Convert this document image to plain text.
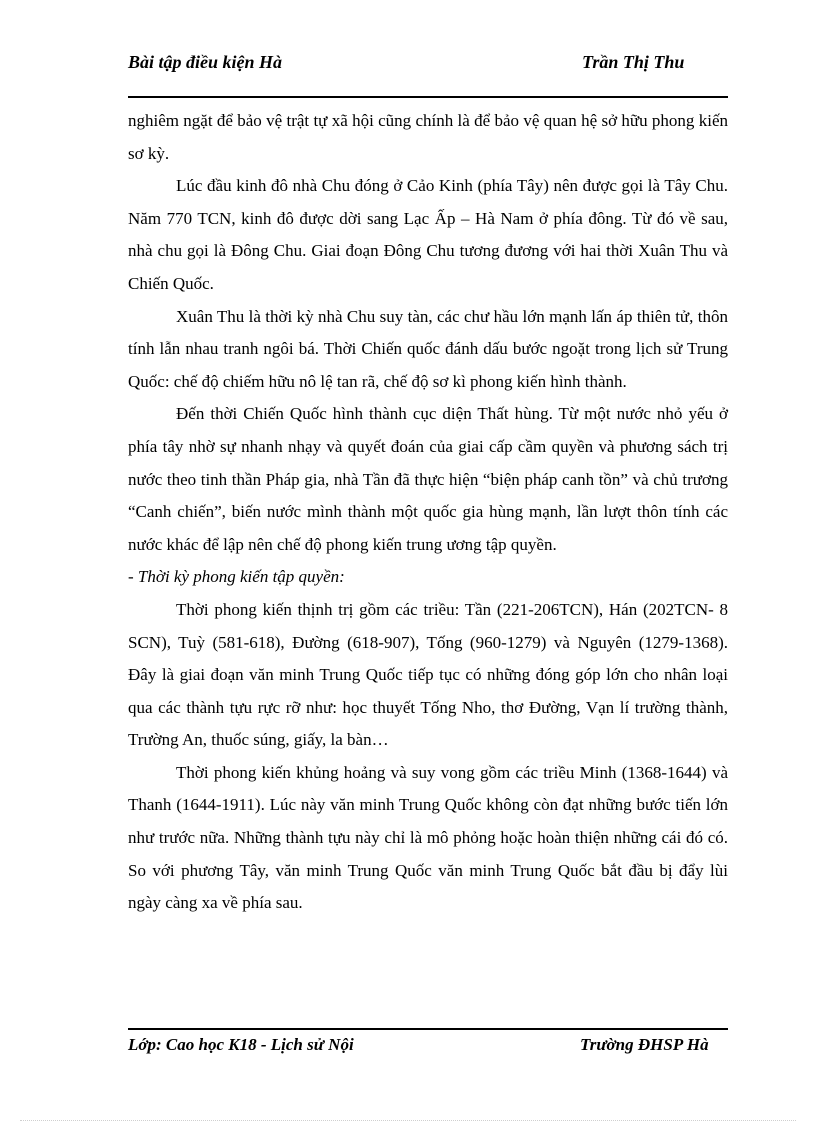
Bài tập điều kiện Hà	Trần Thị Thu

nghiêm ngặt để bảo vệ trật tự xã hội cũng chính là để bảo vệ quan hệ sở hữu phong kiến sơ kỳ.

Lúc đầu kinh đô nhà Chu đóng ở Cảo Kinh (phía Tây) nên được gọi là Tây Chu. Năm 770 TCN, kinh đô được dời sang Lạc Ấp – Hà Nam ở phía đông. Từ đó về sau, nhà chu gọi là Đông Chu. Giai đoạn Đông Chu tương đương với hai thời Xuân Thu và Chiến Quốc.

Xuân Thu là thời kỳ nhà Chu suy tàn, các chư hầu lớn mạnh lấn áp thiên tử, thôn tính lẫn nhau tranh ngôi bá. Thời Chiến quốc đánh dấu bước ngoặt trong lịch sử Trung Quốc: chế độ chiếm hữu nô lệ tan rã, chế độ sơ kì phong kiến hình thành.

Đến thời Chiến Quốc hình thành cục diện Thất hùng. Từ một nước nhỏ yếu ở phía tây nhờ sự nhanh nhạy và quyết đoán của giai cấp cầm quyền và phương sách trị nước theo tinh thần Pháp gia, nhà Tần đã thực hiện “biện pháp canh tồn” và chủ trương “Canh chiến”, biến nước mình thành một quốc gia hùng mạnh, lần lượt thôn tính các nước khác để lập nên chế độ phong kiến trung ương tập quyền.

- Thời kỳ phong kiến tập quyền:

Thời phong kiến thịnh trị gồm các triều: Tần (221-206TCN), Hán (202TCN- 8 SCN), Tuỳ (581-618), Đường (618-907), Tống (960-1279) và Nguyên (1279-1368). Đây là giai đoạn văn minh Trung Quốc tiếp tục có những đóng góp lớn cho nhân loại qua các thành tựu rực rỡ như: học thuyết Tống Nho, thơ Đường, Vạn lí trường thành, Trường An, thuốc súng, giấy, la bàn…

Thời phong kiến khủng hoảng và suy vong gồm các triều Minh (1368-1644) và Thanh (1644-1911). Lúc này văn minh Trung Quốc không còn đạt những bước tiến lớn như trước nữa. Những thành tựu này chỉ là mô phỏng hoặc hoàn thiện những cái đó có. So với phương Tây, văn minh Trung Quốc văn minh Trung Quốc bắt đầu bị đẩy lùi ngày càng xa về phía sau.

Lớp: Cao học K18 - Lịch sử Nội	Trường ĐHSP Hà
